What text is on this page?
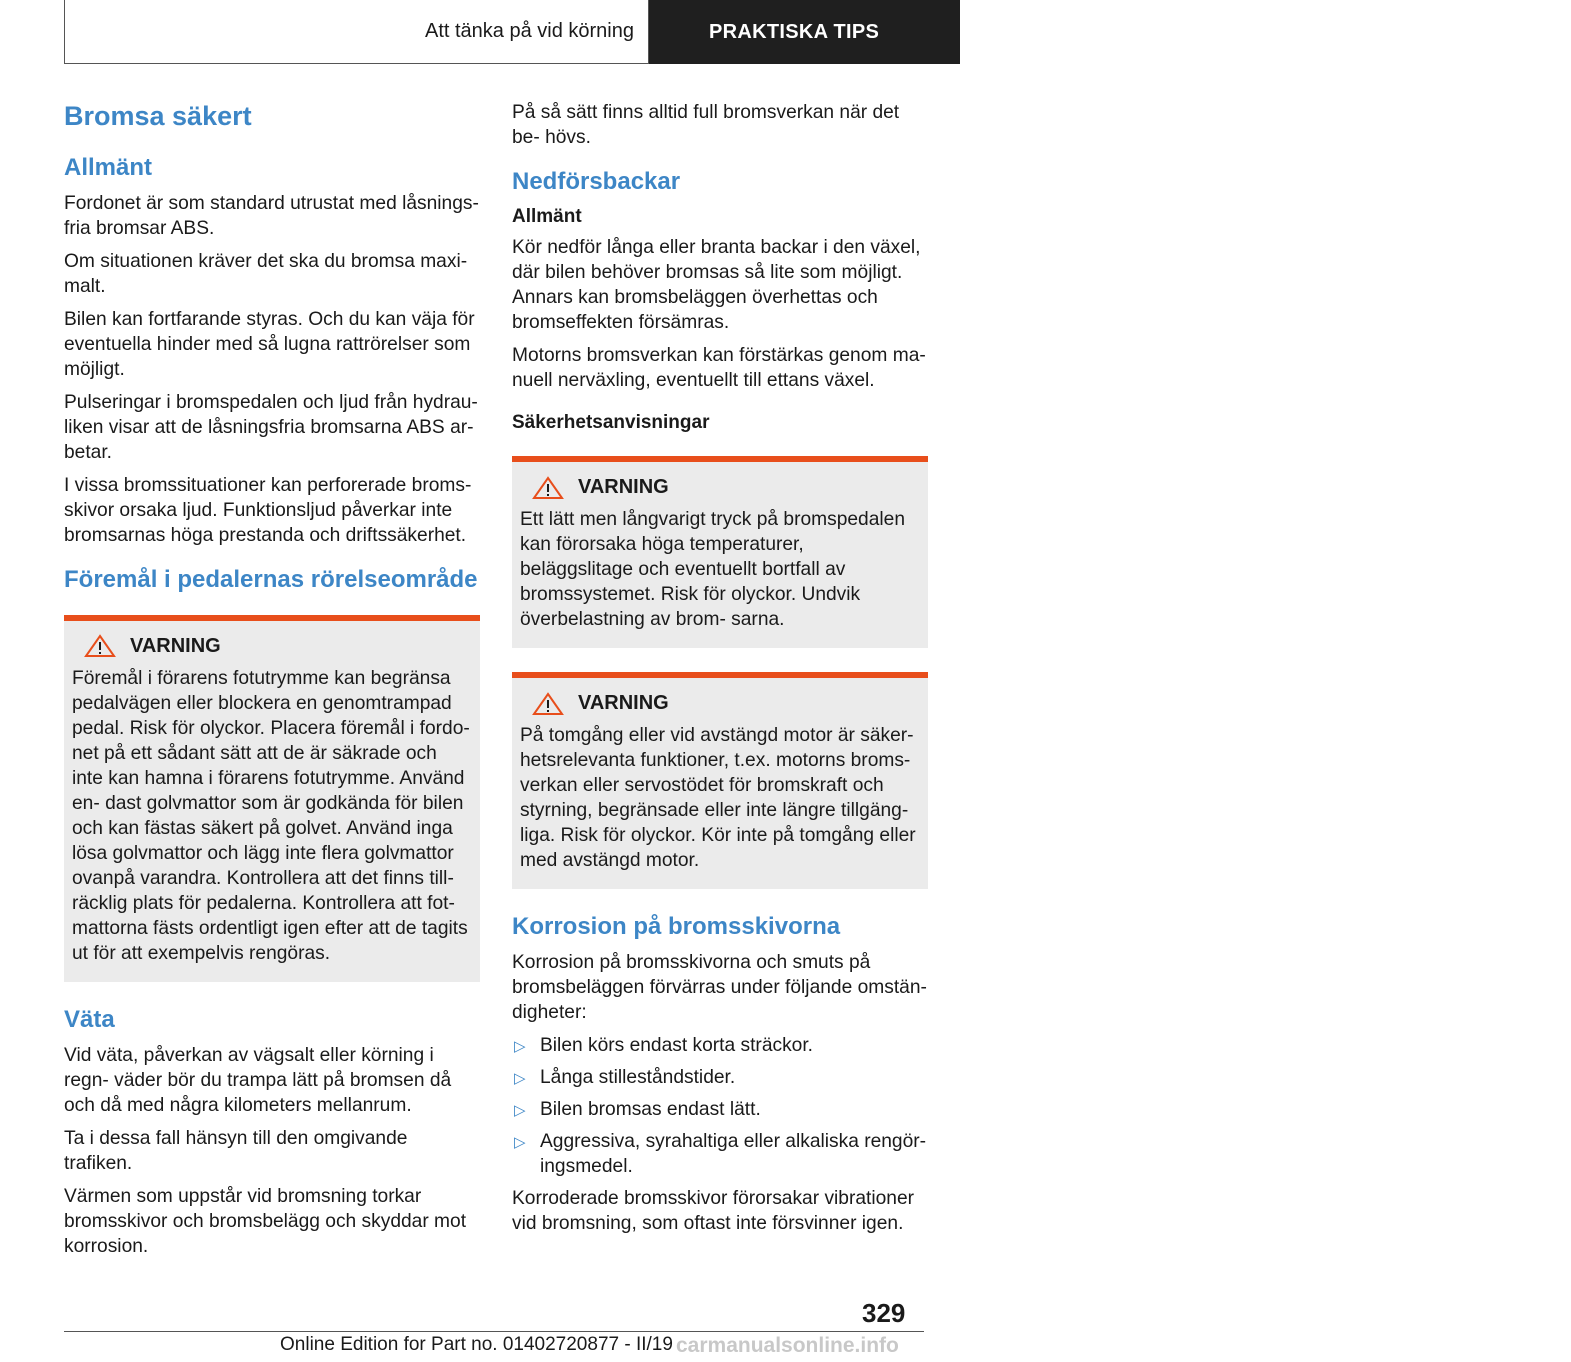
Att tänka på vid körning	PRAKTISKA TIPS	i
Bromsa säkert
Allmänt

Fordonet är som standard utrustat med låsnings‐ fria bromsar ABS.

Om situationen kräver det ska du bromsa maxi‐ malt.

Bilen kan fortfarande styras. Och du kan väja för eventuella hinder med så lugna rattrörelser som möjligt.

Pulseringar i bromspedalen och ljud från hydrau‐ liken visar att de låsningsfria bromsarna ABS ar‐ betar.

I vissa bromssituationer kan perforerade broms‐ skivor orsaka ljud. Funktionsljud påverkar inte bromsarnas höga prestanda och driftssäkerhet.

Föremål i pedalernas rörelseområde
VARNING

Föremål i förarens fotutrymme kan begränsa pedalvägen eller blockera en genomtrampad pedal. Risk för olyckor. Placera föremål i fordo‐ net på ett sådant sätt att de är säkrade och inte kan hamna i förarens fotutrymme. Använd en‐ dast golvmattor som är godkända för bilen och kan fästas säkert på golvet. Använd inga lösa golvmattor och lägg inte flera golvmattor ovanpå varandra. Kontrollera att det finns till‐ räcklig plats för pedalerna. Kontrollera att fot‐ mattorna fästs ordentligt igen efter att de tagits ut för att exempelvis rengöras.

Väta

Vid väta, påverkan av vägsalt eller körning i regn‐ väder bör du trampa lätt på bromsen då och då med några kilometers mellanrum.

Ta i dessa fall hänsyn till den omgivande trafiken.

Värmen som uppstår vid bromsning torkar bromsskivor och bromsbelägg och skyddar mot korrosion.

På så sätt finns alltid full bromsverkan när det be‐ hövs.

Nedförsbackar
Allmänt

Kör nedför långa eller branta backar i den växel, där bilen behöver bromsas så lite som möjligt. Annars kan bromsbeläggen överhettas och bromseffekten försämras.

Motorns bromsverkan kan förstärkas genom ma‐ nuell nerväxling, eventuellt till ettans växel.

Säkerhetsanvisningar
VARNING

Ett lätt men långvarigt tryck på bromspedalen kan förorsaka höga temperaturer, beläggslitage och eventuellt bortfall av bromssystemet. Risk för olyckor. Undvik överbelastning av brom‐ sarna.

VARNING

På tomgång eller vid avstängd motor är säker‐ hetsrelevanta funktioner, t.ex. motorns broms‐ verkan eller servostödet för bromskraft och styrning, begränsade eller inte längre tillgäng‐ liga. Risk för olyckor. Kör inte på tomgång eller med avstängd motor.

Korrosion på bromsskivorna

Korrosion på bromsskivorna och smuts på bromsbeläggen förvärras under följande omstän‐ digheter:

▷ Bilen körs endast korta sträckor.
▷ Långa stilleståndstider.
▷ Bilen bromsas endast lätt.
▷ Aggressiva, syrahaltiga eller alkaliska rengör‐ ingsmedel.

Korroderade bromsskivor förorsakar vibrationer vid bromsning, som oftast inte försvinner igen.

329
Online Edition for Part no. 01402720877 - II/19 carmanualsonline.info
